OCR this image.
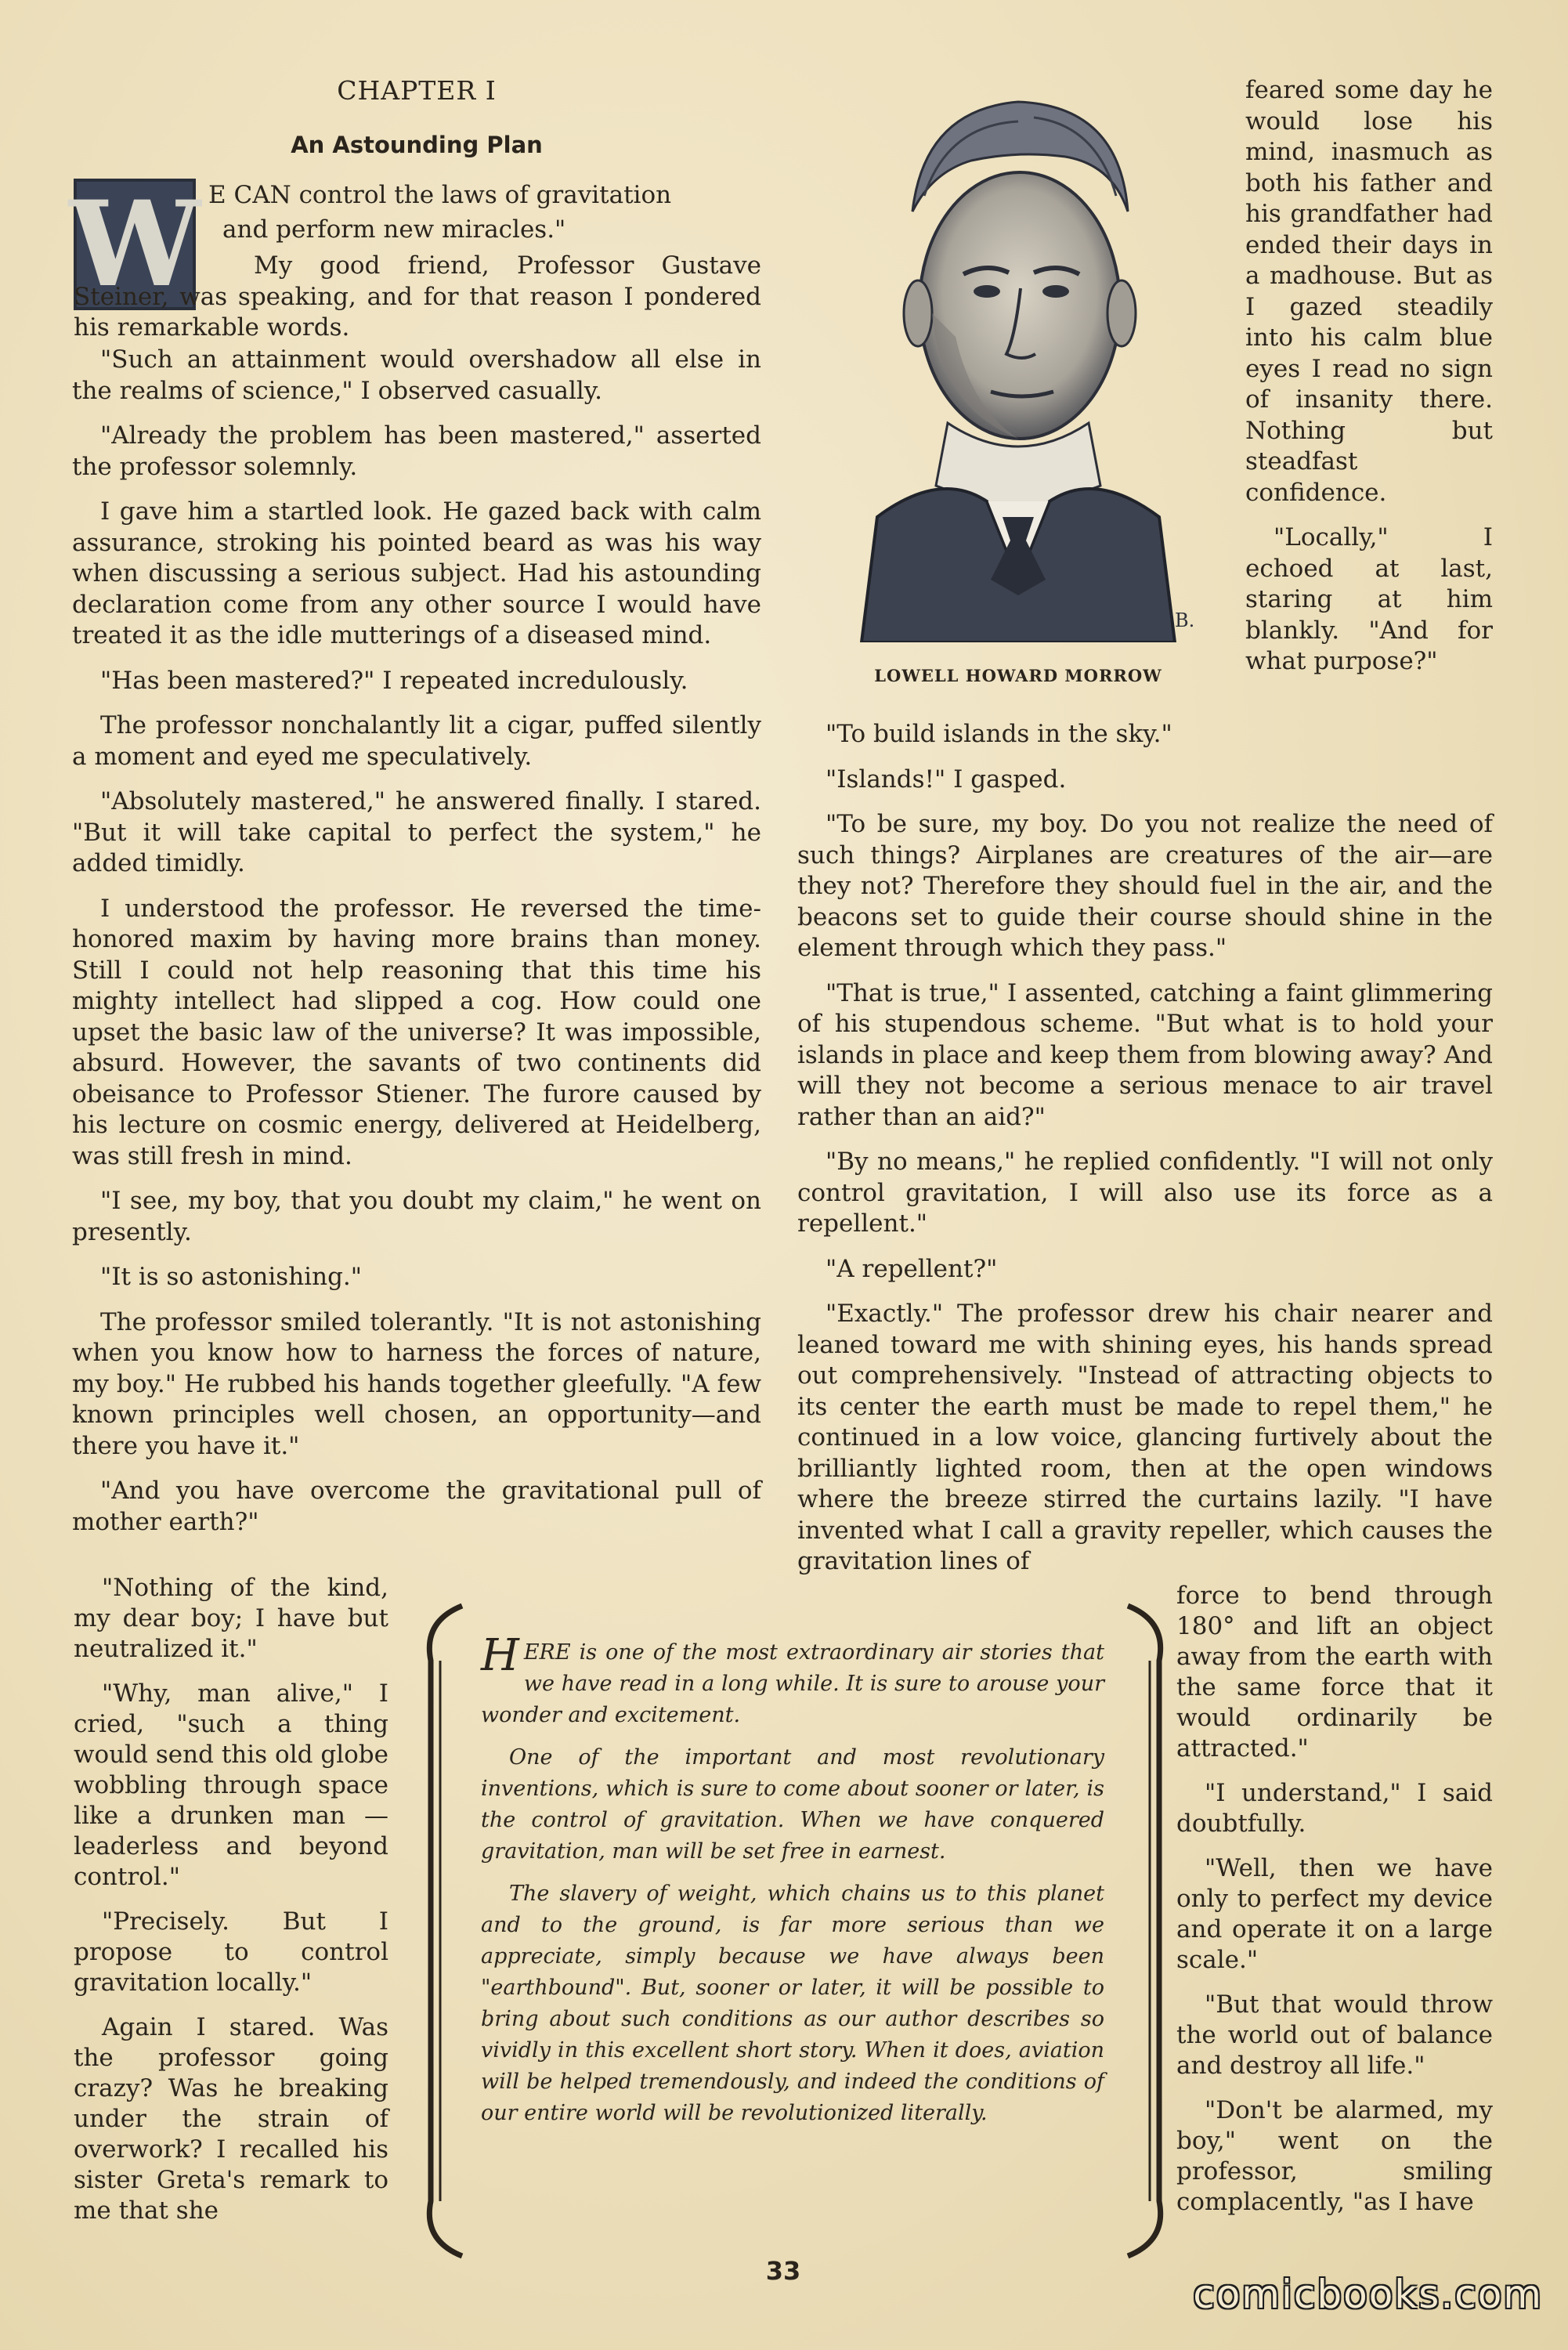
CHAPTER I
An Astounding Plan
W E CAN control the laws of gravitation

and perform new miracles."

My good friend, Professor Gustave Steiner, was speaking, and for that reason I pondered his remarkable words.

"Such an attainment would overshadow all else in the realms of science," I observed casually.

"Already the problem has been mastered," asserted the professor solemnly.

I gave him a startled look. He gazed back with calm assurance, stroking his pointed beard as was his way when discussing a serious subject. Had his astounding declaration come from any other source I would have treated it as the idle mutterings of a diseased mind.

"Has been mastered?" I repeated incredulously.

The professor nonchalantly lit a cigar, puffed silently a moment and eyed me speculatively.

"Absolutely mastered," he answered finally. I stared. "But it will take capital to perfect the system," he added timidly.

I understood the professor. He reversed the time-honored maxim by having more brains than money. Still I could not help reasoning that this time his mighty intellect had slipped a cog. How could one upset the basic law of the universe? It was impossible, absurd. However, the savants of two continents did obeisance to Professor Stiener. The furore caused by his lecture on cosmic energy, delivered at Heidelberg, was still fresh in mind.

"I see, my boy, that you doubt my claim," he went on presently.

"It is so astonishing."

The professor smiled tolerantly. "It is not astonishing when you know how to harness the forces of nature, my boy." He rubbed his hands together gleefully. "A few known principles well chosen, an opportunity—and there you have it."

"And you have overcome the gravitational pull of mother earth?"

"Nothing of the kind, my dear boy; I have but neutralized it."

"Why, man alive," I cried, "such a thing would send this old globe wobbling through space like a drunken man — leaderless and beyond control."

"Precisely. But I propose to control gravitation locally."

Again I stared. Was the professor going crazy? Was he breaking under the strain of overwork? I recalled his sister Greta's remark to me that she

B.
LOWELL HOWARD MORROW

feared some day he would lose his mind, inasmuch as both his father and his grandfather had ended their days in a madhouse. But as I gazed steadily into his calm blue eyes I read no sign of insanity there. Nothing but steadfast confidence.

"Locally," I echoed at last, staring at him blankly. "And for what purpose?"

"To build islands in the sky."

"Islands!" I gasped.

"To be sure, my boy. Do you not realize the need of such things? Airplanes are creatures of the air—are they not? Therefore they should fuel in the air, and the beacons set to guide their course should shine in the element through which they pass."

"That is true," I assented, catching a faint glimmering of his stupendous scheme. "But what is to hold your islands in place and keep them from blowing away? And will they not become a serious menace to air travel rather than an aid?"

"By no means," he replied confidently. "I will not only control gravitation, I will also use its force as a repellent."

"A repellent?"

"Exactly." The professor drew his chair nearer and leaned toward me with shining eyes, his hands spread out comprehensively. "Instead of attracting objects to its center the earth must be made to repel them," he continued in a low voice, glancing furtively about the brilliantly lighted room, then at the open windows where the breeze stirred the curtains lazily. "I have invented what I call a gravity repeller, which causes the gravitation lines of

force to bend through 180° and lift an object away from the earth with the same force that it would ordinarily be attracted."

"I understand," I said doubtfully.

"Well, then we have only to perfect my device and operate it on a large scale."

"But that would throw the world out of balance and destroy all life."

"Don't be alarmed, my boy," went on the professor, smiling complacently, "as I have

HERE is one of the most extraordinary air stories that we have read in a long while. It is sure to arouse your wonder and excitement.

One of the important and most revolutionary inventions, which is sure to come about sooner or later, is the control of gravitation. When we have conquered gravitation, man will be set free in earnest.

The slavery of weight, which chains us to this planet and to the ground, is far more serious than we appreciate, simply because we have always been "earthbound". But, sooner or later, it will be possible to bring about such conditions as our author describes so vividly in this excellent short story. When it does, aviation will be helped tremendously, and indeed the conditions of our entire world will be revolutionized literally.

33
comicbooks.com
